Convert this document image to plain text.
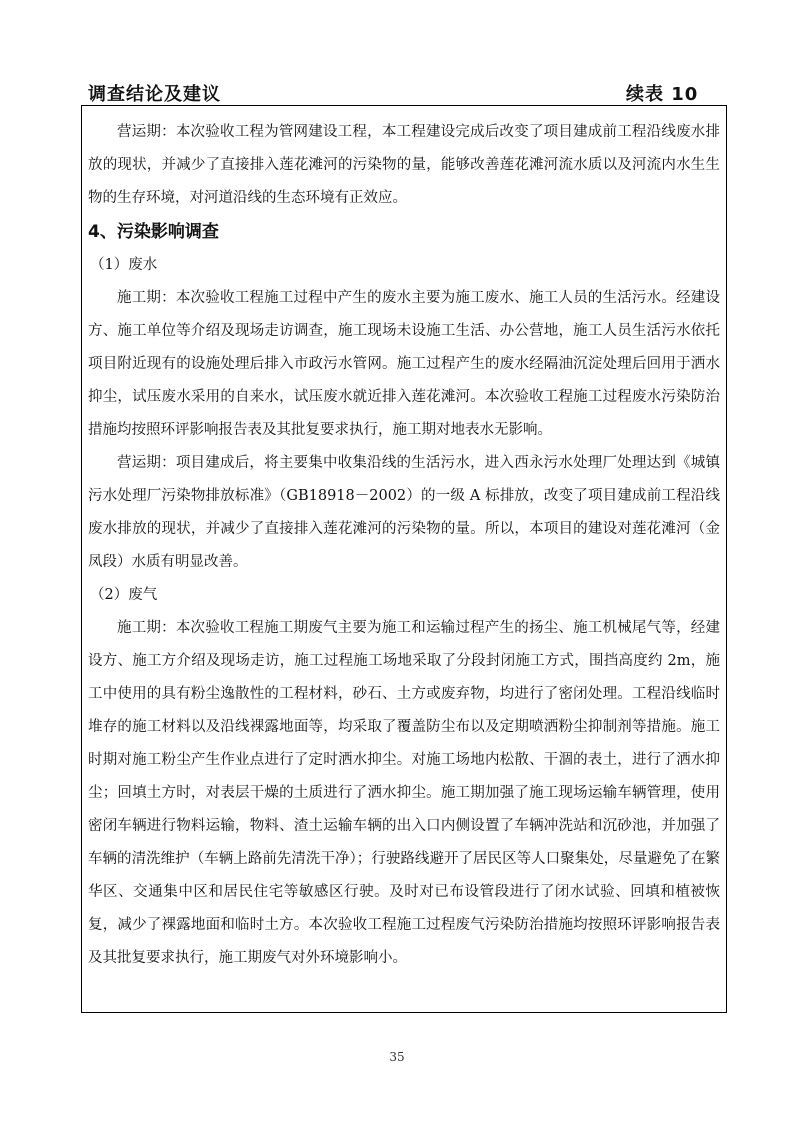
调查结论及建议	续表 10

营运期：本次验收工程为管网建设工程，本工程建设完成后改变了项目建成前工程沿线废水排放的现状，并减少了直接排入莲花滩河的污染物的量，能够改善莲花滩河流水质以及河流内水生生物的生存环境，对河道沿线的生态环境有正效应。

4、污染影响调查

（1）废水

施工期：本次验收工程施工过程中产生的废水主要为施工废水、施工人员的生活污水。经建设方、施工单位等介绍及现场走访调查，施工现场未设施工生活、办公营地，施工人员生活污水依托项目附近现有的设施处理后排入市政污水管网。施工过程产生的废水经隔油沉淀处理后回用于洒水抑尘，试压废水采用的自来水，试压废水就近排入莲花滩河。本次验收工程施工过程废水污染防治措施均按照环评影响报告表及其批复要求执行，施工期对地表水无影响。

营运期：项目建成后，将主要集中收集沿线的生活污水，进入西永污水处理厂处理达到《城镇污水处理厂污染物排放标准》（GB18918－2002）的一级 A 标排放，改变了项目建成前工程沿线废水排放的现状，并减少了直接排入莲花滩河的污染物的量。所以，本项目的建设对莲花滩河（金凤段）水质有明显改善。

（2）废气

施工期：本次验收工程施工期废气主要为施工和运输过程产生的扬尘、施工机械尾气等，经建设方、施工方介绍及现场走访，施工过程施工场地采取了分段封闭施工方式，围挡高度约 2m，施工中使用的具有粉尘逸散性的工程材料，砂石、土方或废弃物，均进行了密闭处理。工程沿线临时堆存的施工材料以及沿线裸露地面等，均采取了覆盖防尘布以及定期喷洒粉尘抑制剂等措施。施工时期对施工粉尘产生作业点进行了定时洒水抑尘。对施工场地内松散、干涸的表土，进行了洒水抑尘；回填土方时，对表层干燥的土质进行了洒水抑尘。施工期加强了施工现场运输车辆管理，使用密闭车辆进行物料运输，物料、渣土运输车辆的出入口内侧设置了车辆冲洗站和沉砂池，并加强了车辆的清洗维护（车辆上路前先清洗干净）；行驶路线避开了居民区等人口聚集处，尽量避免了在繁华区、交通集中区和居民住宅等敏感区行驶。及时对已布设管段进行了闭水试验、回填和植被恢复，减少了裸露地面和临时土方。本次验收工程施工过程废气污染防治措施均按照环评影响报告表及其批复要求执行，施工期废气对外环境影响小。

35
